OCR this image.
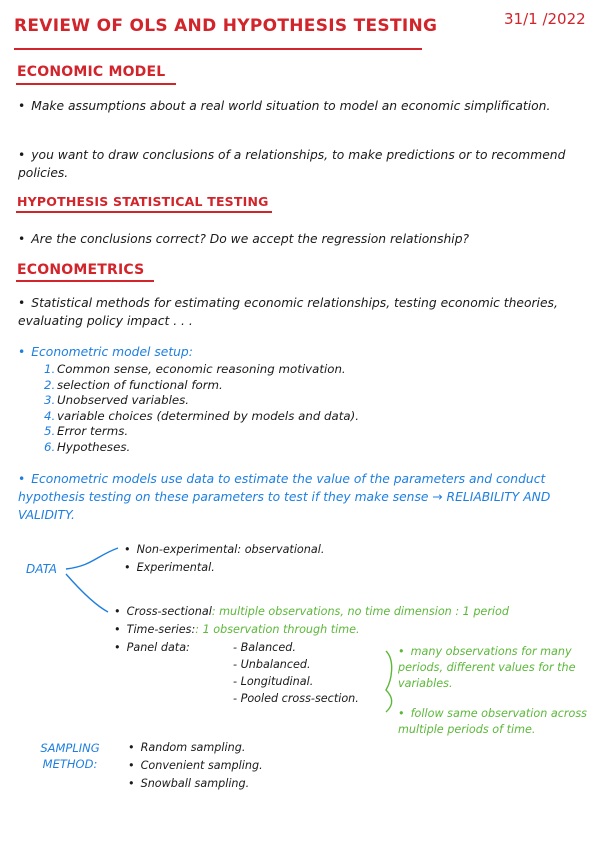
REVIEW OF OLS AND HYPOTHESIS TESTING	31/1 /2022
ECONOMIC MODEL
• Make assumptions about a real world situation to model an economic simplification.
• you want to draw conclusions of a relationships, to make predictions or to recommend policies.
HYPOTHESIS STATISTICAL TESTING
• Are the conclusions correct? Do we accept the regression relationship?
ECONOMETRICS
• Statistical methods for estimating economic relationships, testing economic theories, evaluating policy impact . . .
• Econometric model setup:
1. Common sense, economic reasoning motivation.
2. selection of functional form.
3. Unobserved variables.
4. variable choices (determined by models and data).
5. Error terms.
6. Hypotheses.
• Econometric models use data to estimate the value of the parameters and conduct hypothesis testing on these parameters to test if they make sense → RELIABILITY AND VALIDITY.
DATA
• Non-experimental: observational.
• Experimental.
• Cross-sectional: multiple observations, no time dimension : 1 period
• Time-series:: 1 observation through time.
• Panel data:	- Balanced.
- Unbalanced.
- Longitudinal.
- Pooled cross-section.
• many observations for many periods, different values for the variables.
• follow same observation across multiple periods of time.
SAMPLING METHOD:
• Random sampling.
• Convenient sampling.
• Snowball sampling.
